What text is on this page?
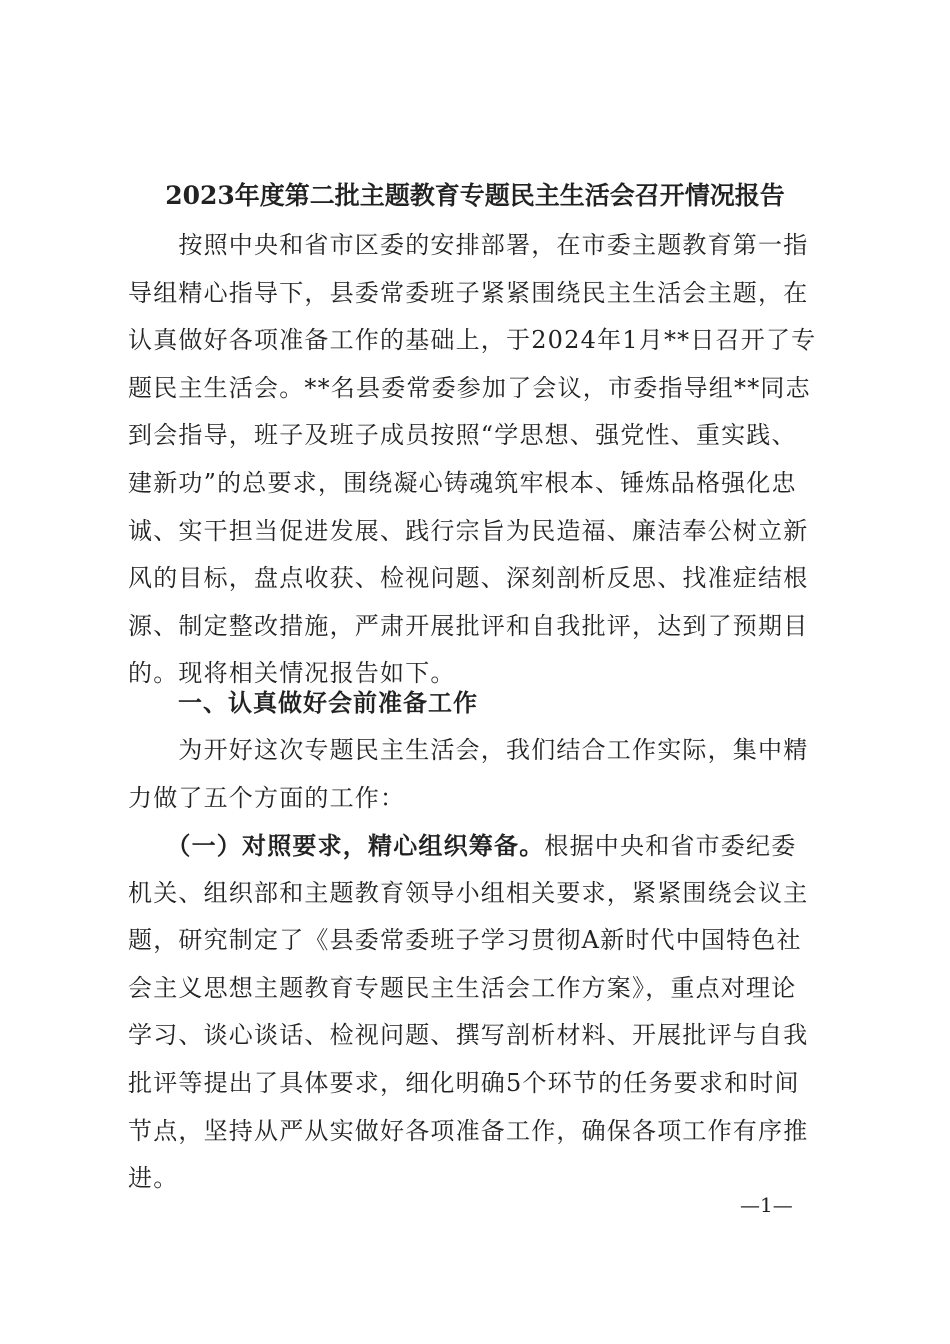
2023年度第二批主题教育专题民主生活会召开情况报告
　　按照中央和省市区委的安排部署，在市委主题教育第一指
导组精心指导下，县委常委班子紧紧围绕民主生活会主题，在
认真做好各项准备工作的基础上，于2024年1月**日召开了专
题民主生活会。**名县委常委参加了会议，市委指导组**同志
到会指导，班子及班子成员按照“学思想、强党性、重实践、
建新功”的总要求，围绕凝心铸魂筑牢根本、锤炼品格强化忠
诚、实干担当促进发展、践行宗旨为民造福、廉洁奉公树立新
风的目标，盘点收获、检视问题、深刻剖析反思、找准症结根
源、制定整改措施，严肃开展批评和自我批评，达到了预期目
的。现将相关情况报告如下。
一、认真做好会前准备工作
　　为开好这次专题民主生活会，我们结合工作实际，集中精
力做了五个方面的工作：
　　（一）对照要求，精心组织筹备。根据中央和省市委纪委
机关、组织部和主题教育领导小组相关要求，紧紧围绕会议主
题，研究制定了《县委常委班子学习贯彻A新时代中国特色社
会主义思想主题教育专题民主生活会工作方案》，重点对理论
学习、谈心谈话、检视问题、撰写剖析材料、开展批评与自我
批评等提出了具体要求，细化明确5个环节的任务要求和时间
节点，坚持从严从实做好各项准备工作，确保各项工作有序推
进。
—1—
